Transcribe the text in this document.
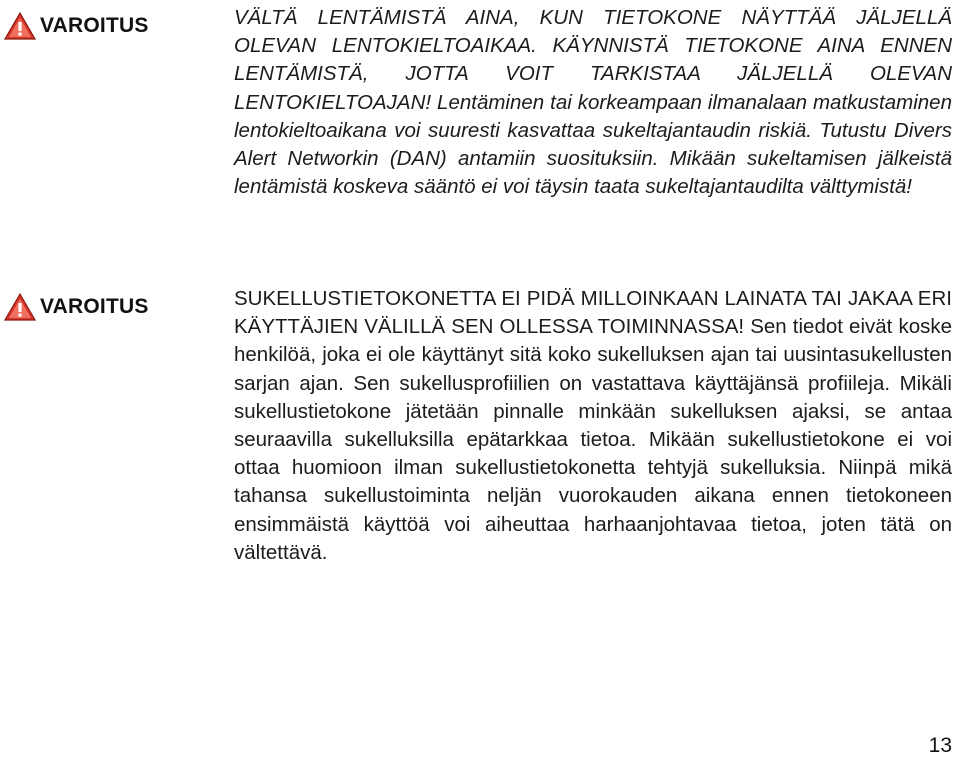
VAROITUS	VÄLTÄ LENTÄMISTÄ AINA, KUN TIETOKONE NÄYTTÄÄ JÄLJELLÄ OLEVAN LENTOKIELTOAIKAA. KÄYNNISTÄ TIETOKONE AINA ENNEN LENTÄMISTÄ, JOTTA VOIT TARKISTAA JÄLJELLÄ OLEVAN LENTOKIELTOAJAN! Lentäminen tai korkeampaan ilmanalaan matkustaminen lentokieltoaikana voi suuresti kasvattaa sukeltajantaudin riskiä. Tutustu Divers Alert Networkin (DAN) antamiin suosituksiin. Mikään sukeltamisen jälkeistä lentämistä koskeva sääntö ei voi täysin taata sukeltajantaudilta välttymistä!

VAROITUS	SUKELLUSTIETOKONETTA EI PIDÄ MILLOINKAAN LAINATA TAI JAKAA ERI KÄYTTÄJIEN VÄLILLÄ SEN OLLESSA TOIMINNASSA! Sen tiedot eivät koske henkilöä, joka ei ole käyttänyt sitä koko sukelluksen ajan tai uusintasukellusten sarjan ajan. Sen sukellusprofiilien on vastattava käyttäjänsä profiileja. Mikäli sukellustietokone jätetään pinnalle minkään sukelluksen ajaksi, se antaa seuraavilla sukelluksilla epätarkkaa tietoa. Mikään sukellustietokone ei voi ottaa huomioon ilman sukellustietokonetta tehtyjä sukelluksia. Niinpä mikä tahansa sukellustoiminta neljän vuorokauden aikana ennen tietokoneen ensimmäistä käyttöä voi aiheuttaa harhaanjohtavaa tietoa, joten tätä on vältettävä.

13
